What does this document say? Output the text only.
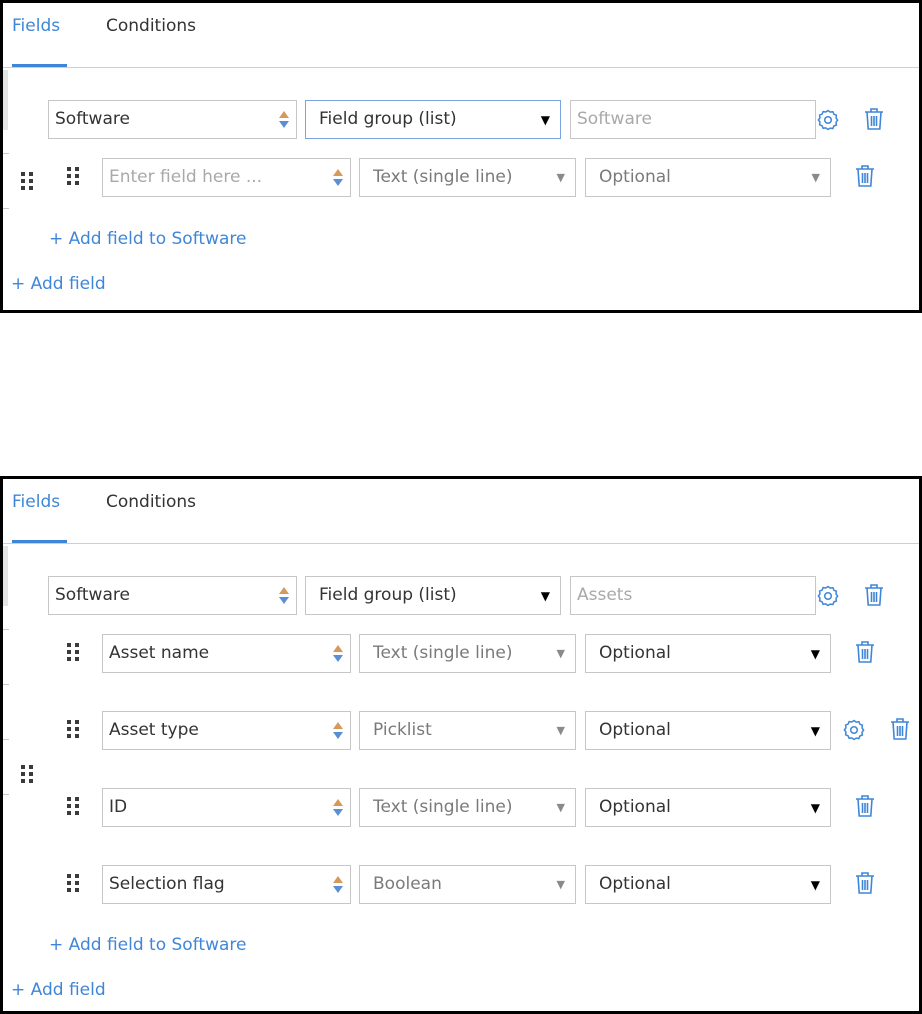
Fields	Conditions
Software	Field group (list)	▼ Software
Enter field here ...	Text (single line)	▼ Optional	▼
+ Add field to Software
+ Add field
Fields	Conditions
Software	Field group (list)	▼ Assets
Asset name	Text (single line)	▼ Optional	▼
Asset type	Picklist	▼ Optional	▼
ID	Text (single line)	▼ Optional	▼
Selection flag	Boolean	▼ Optional	▼
+ Add field to Software
+ Add field
